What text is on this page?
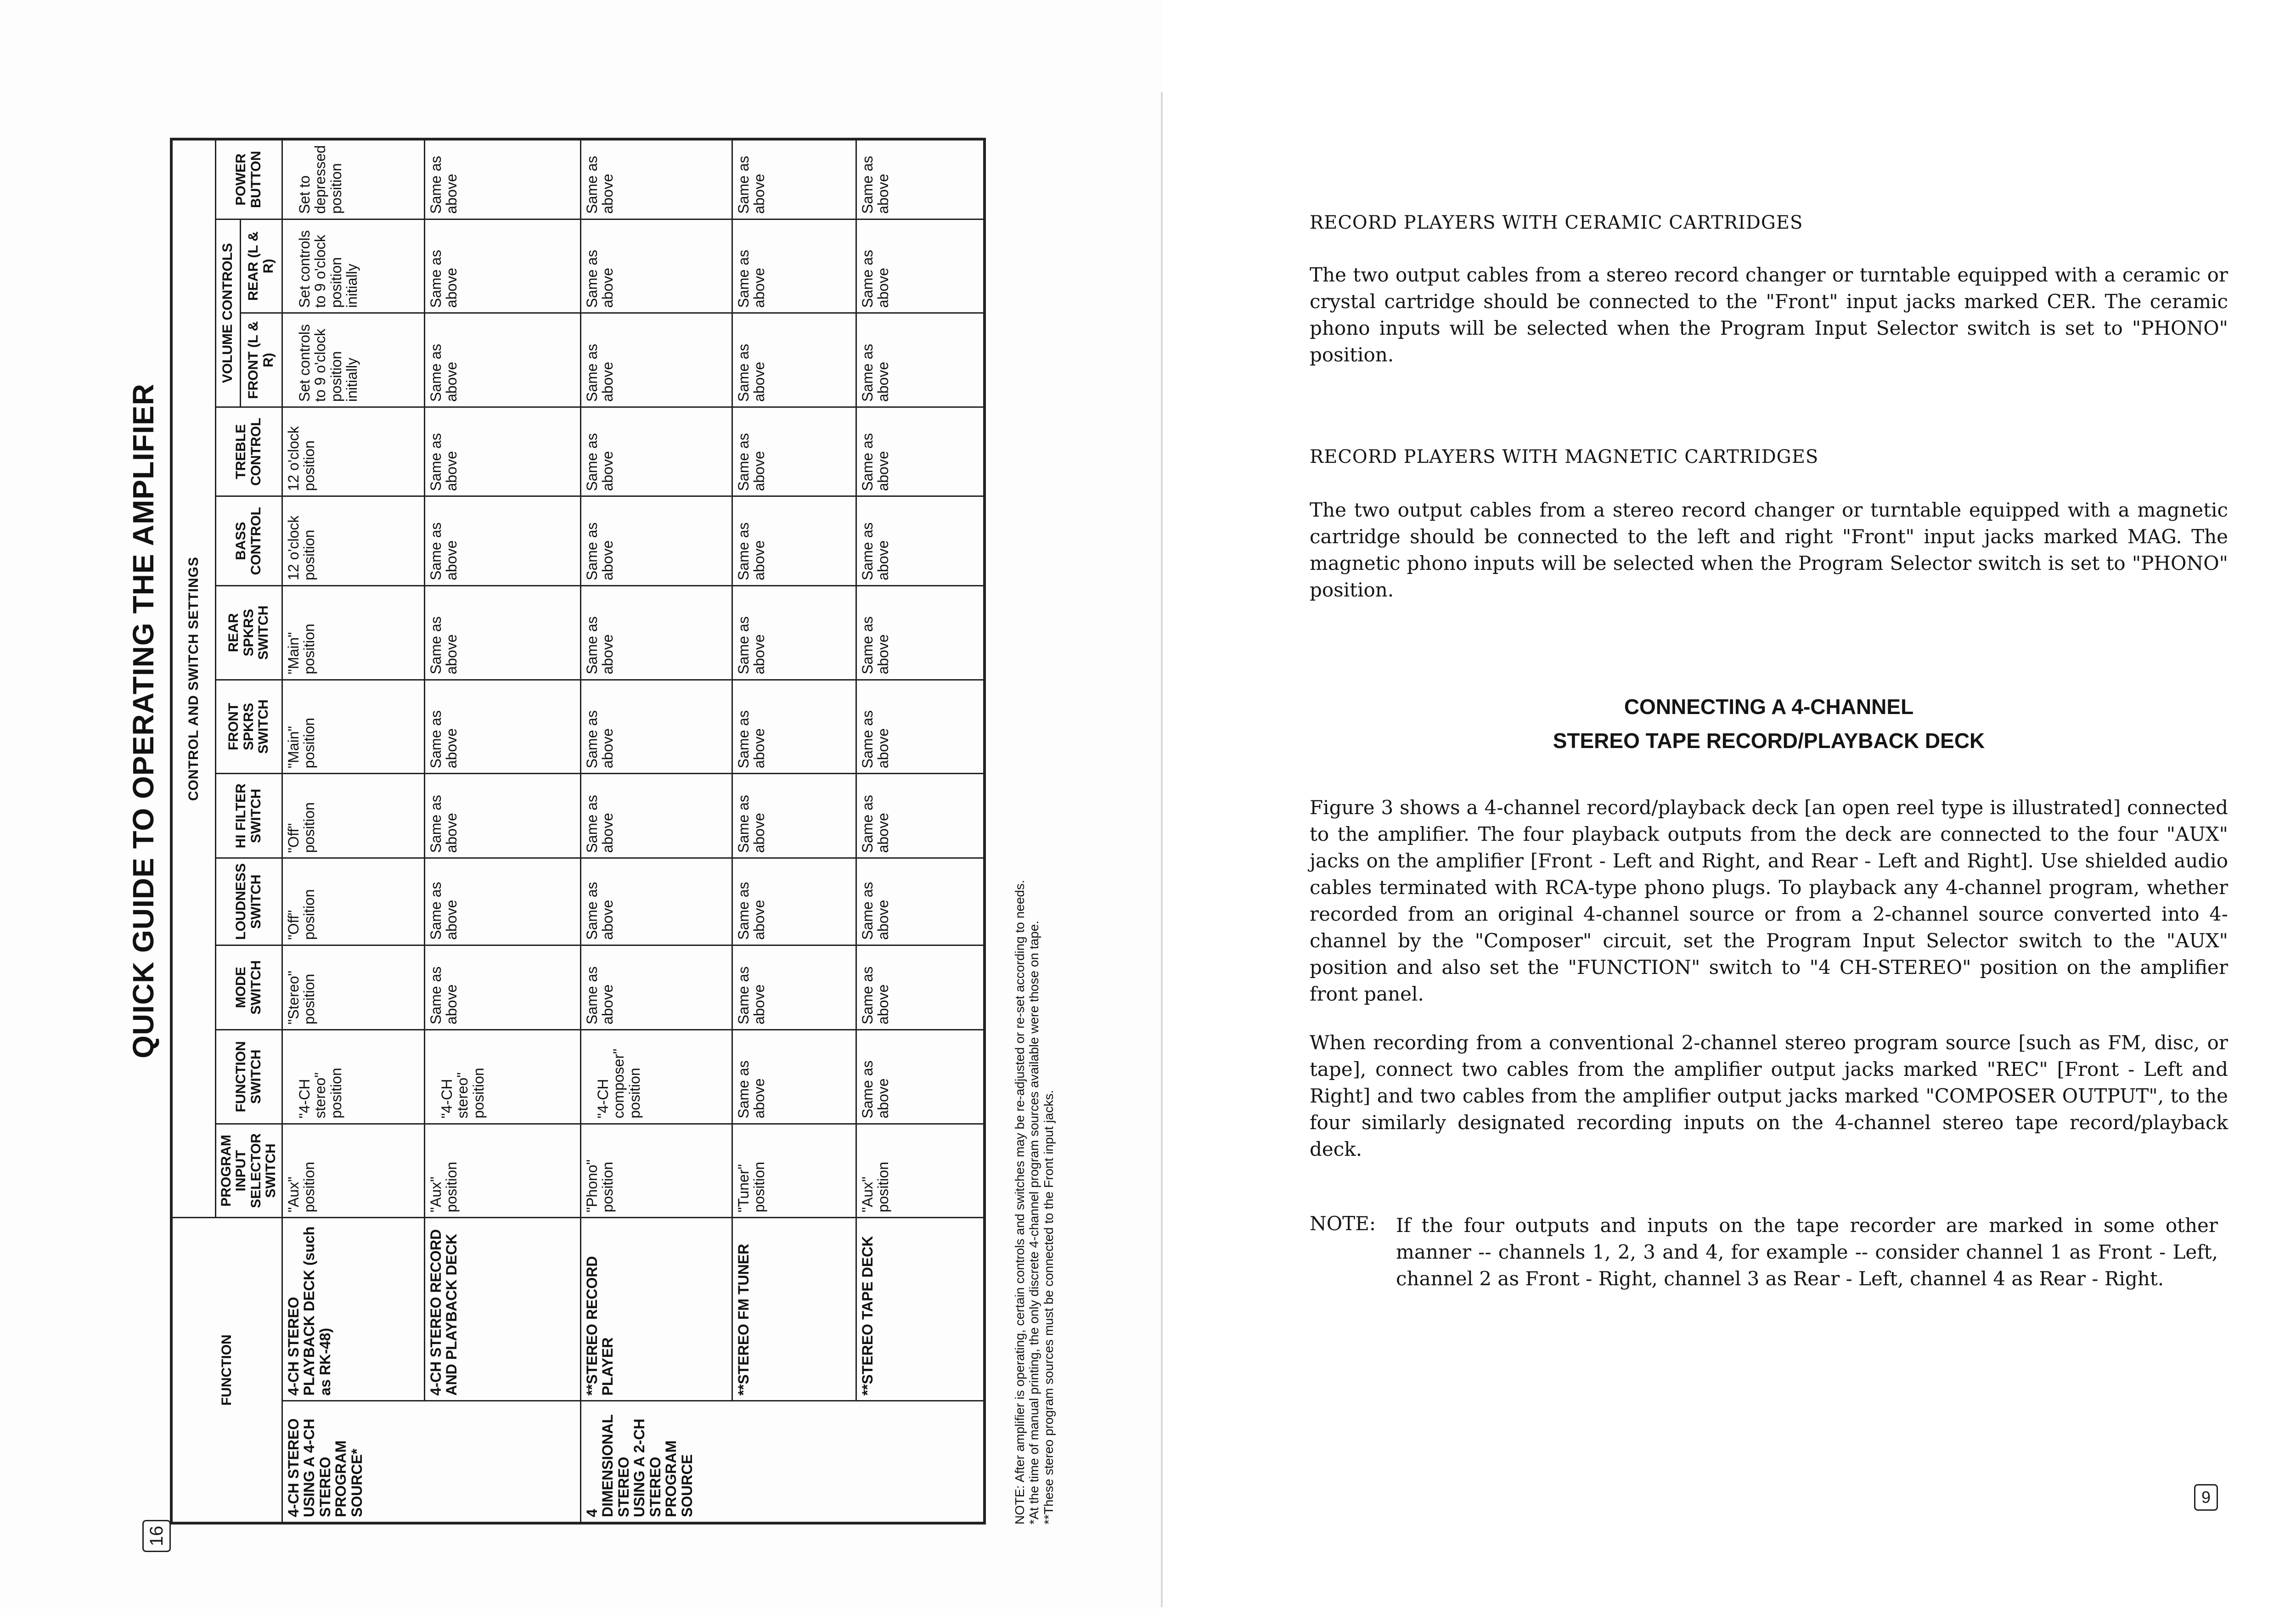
16
QUICK GUIDE TO OPERATING THE AMPLIFIER
FUNCTION		CONTROL AND SWITCH SETTINGS											
		PROGRAM INPUT SELECTOR SWITCH	FUNCTION SWITCH	MODE SWITCH	LOUDNESS SWITCH	HI FILTER SWITCH	FRONT SPKRS SWITCH	REAR SPKRS SWITCH	BASS CONTROL	TREBLE CONTROL	VOLUME CONTROLS		POWER BUTTON
											FRONT (L & R)	REAR (L & R)	
4-CH STEREO USING A 4-CH STEREO PROGRAM SOURCE*	4-CH STEREO PLAYBACK DECK (such as RK-48)	"Aux" position	"4-CH stereo" position	"Stereo" position	"Off" position	"Off" position	"Main" position	"Main" position	12 o'clock position	12 o'clock position	Set controls to 9 o'clock position initially	Set controls to 9 o'clock position initially	Set to depressed position
	4-CH STEREO RECORD AND PLAYBACK DECK	"Aux" position	"4-CH stereo" position	Same as above	Same as above	Same as above	Same as above	Same as above	Same as above	Same as above	Same as above	Same as above	Same as above
4 DIMENSIONAL STEREO USING A 2-CH STEREO PROGRAM SOURCE	**STEREO RECORD PLAYER	"Phono" position	"4-CH composer" position	Same as above	Same as above	Same as above	Same as above	Same as above	Same as above	Same as above	Same as above	Same as above	Same as above
	**STEREO FM TUNER	"Tuner" position	Same as above	Same as above	Same as above	Same as above	Same as above	Same as above	Same as above	Same as above	Same as above	Same as above	Same as above
	**STEREO TAPE DECK	"Aux" position	Same as above	Same as above	Same as above	Same as above	Same as above	Same as above	Same as above	Same as above	Same as above	Same as above	Same as above
NOTE: After amplifier is operating, certain controls and switches may be re-adjusted or re-set according to needs. *At the time of manual printing, the only discrete 4-channel program sources available were those on tape. **These stereo program sources must be connected to the Front input jacks.
RECORD PLAYERS WITH CERAMIC CARTRIDGES
The two output cables from a stereo record changer or turntable equipped with a ceramic or crystal cartridge should be connected to the "Front" input jacks marked CER. The ceramic phono inputs will be selected when the Program Input Selector switch is set to "PHONO" position.
RECORD PLAYERS WITH MAGNETIC CARTRIDGES
The two output cables from a stereo record changer or turntable equipped with a magnetic cartridge should be connected to the left and right "Front" input jacks marked MAG. The magnetic phono inputs will be selected when the Program Selector switch is set to "PHONO" position.
CONNECTING A 4-CHANNEL
STEREO TAPE RECORD/PLAYBACK DECK
Figure 3 shows a 4-channel record/playback deck [an open reel type is illustrated] connected to the amplifier. The four playback outputs from the deck are connected to the four "AUX" jacks on the amplifier [Front - Left and Right, and Rear - Left and Right]. Use shielded audio cables terminated with RCA-type phono plugs. To playback any 4-channel program, whether recorded from an original 4-channel source or from a 2-channel source converted into 4-channel by the "Composer" circuit, set the Program Input Selector switch to the "AUX" position and also set the "FUNCTION" switch to "4 CH-STEREO" position on the amplifier front panel.
When recording from a conventional 2-channel stereo program source [such as FM, disc, or tape], connect two cables from the amplifier output jacks marked "REC" [Front - Left and Right] and two cables from the amplifier output jacks marked "COMPOSER OUTPUT", to the four similarly designated recording inputs on the 4-channel stereo tape record/playback deck.
NOTE: If the four outputs and inputs on the tape recorder are marked in some other manner -- channels 1, 2, 3 and 4, for example -- consider channel 1 as Front - Left, channel 2 as Front - Right, channel 3 as Rear - Left, channel 4 as Rear - Right.
9
